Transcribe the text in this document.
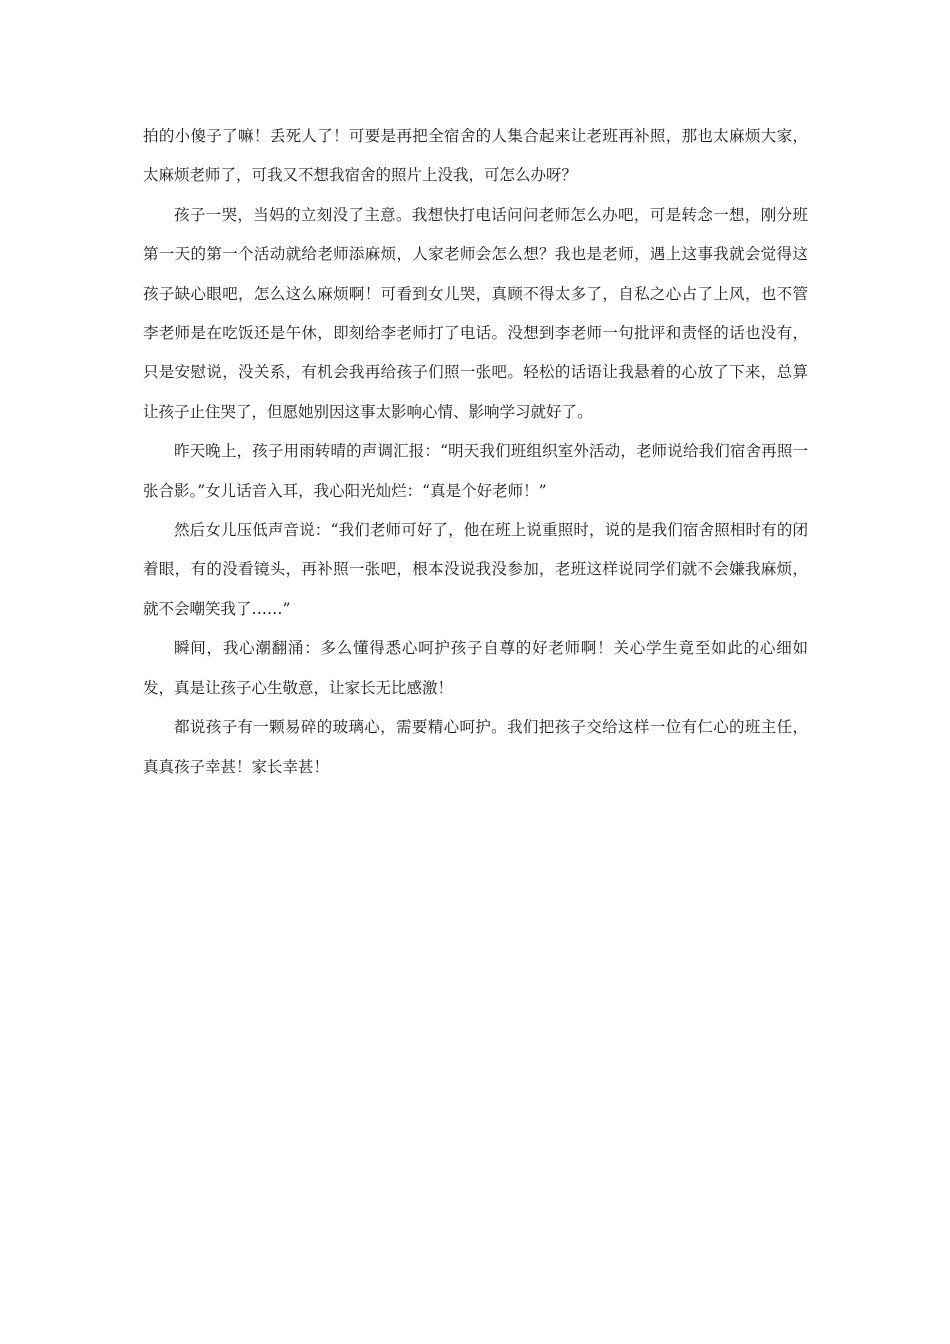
拍的小傻子了嘛！丢死人了！可要是再把全宿舍的人集合起来让老班再补照，那也太麻烦大家，太麻烦老师了，可我又不想我宿舍的照片上没我，可怎么办呀？

孩子一哭，当妈的立刻没了主意。我想快打电话问问老师怎么办吧，可是转念一想，刚分班第一天的第一个活动就给老师添麻烦，人家老师会怎么想？我也是老师，遇上这事我就会觉得这孩子缺心眼吧，怎么这么麻烦啊！可看到女儿哭，真顾不得太多了，自私之心占了上风，也不管李老师是在吃饭还是午休，即刻给李老师打了电话。没想到李老师一句批评和责怪的话也没有，只是安慰说，没关系，有机会我再给孩子们照一张吧。轻松的话语让我悬着的心放了下来，总算让孩子止住哭了，但愿她别因这事太影响心情、影响学习就好了。

昨天晚上，孩子用雨转晴的声调汇报：“明天我们班组织室外活动，老师说给我们宿舍再照一张合影。”女儿话音入耳，我心阳光灿烂：“真是个好老师！”

然后女儿压低声音说：“我们老师可好了，他在班上说重照时，说的是我们宿舍照相时有的闭着眼，有的没看镜头，再补照一张吧，根本没说我没参加，老班这样说同学们就不会嫌我麻烦，就不会嘲笑我了……”

瞬间，我心潮翻涌：多么懂得悉心呵护孩子自尊的好老师啊！关心学生竟至如此的心细如发，真是让孩子心生敬意，让家长无比感激！

都说孩子有一颗易碎的玻璃心，需要精心呵护。我们把孩子交给这样一位有仁心的班主任，真真孩子幸甚！家长幸甚！
